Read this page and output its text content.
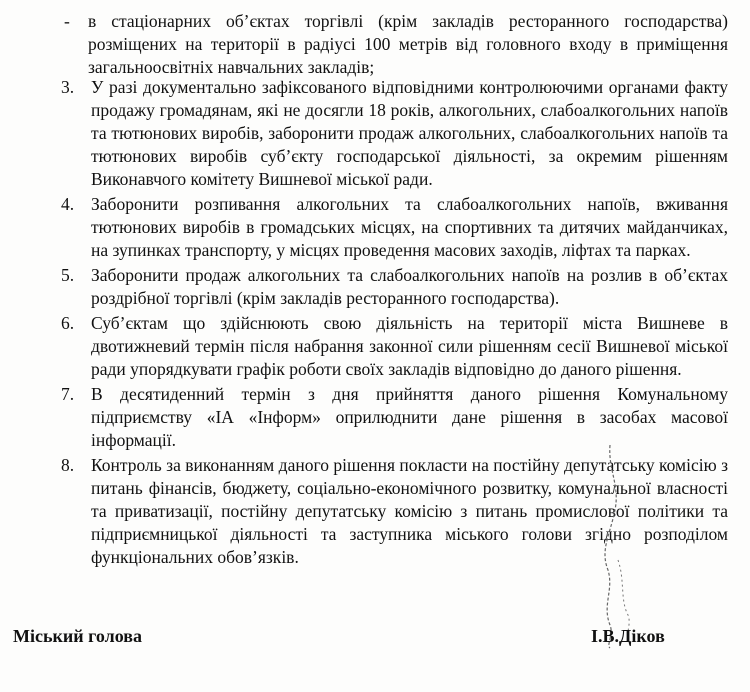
- в стаціонарних об’єктах торгівлі (крім закладів ресторанного господарства) розміщених на території в радіусі 100 метрів від головного входу в приміщення загальноосвітніх навчальних закладів;
3. У разі документально зафіксованого відповідними контролюючими органами факту продажу громадянам, які не досягли 18 років, алкогольних, слабоалкогольних напоїв та тютюнових виробів, заборонити продаж алкогольних, слабоалкогольних напоїв та тютюнових виробів суб’єкту господарської діяльності, за окремим рішенням Виконавчого комітету Вишневої міської ради.
4. Заборонити розпивання алкогольних та слабоалкогольних напоїв, вживання тютюнових виробів в громадських місцях, на спортивних та дитячих майданчиках, на зупинках транспорту, у місцях проведення масових заходів, ліфтах та парках.
5. Заборонити продаж алкогольних та слабоалкогольних напоїв на розлив в об’єктах роздрібної торгівлі (крім закладів ресторанного господарства).
6. Суб’єктам що здійснюють свою діяльність на території міста Вишневе в двотижневий термін після набрання законної сили рішенням сесії Вишневої міської ради упорядкувати графік роботи своїх закладів відповідно до даного рішення.
7. В десятиденний термін з дня прийняття даного рішення Комунальному підприємству «ІА «Інформ» оприлюднити дане рішення в засобах масової інформації.
8. Контроль за виконанням даного рішення покласти на постійну депутатську комісію з питань фінансів, бюджету, соціально-економічного розвитку, комунальної власності та приватизації, постійну депутатську комісію з питань промислової політики та підприємницької діяльності та заступника міського голови згідно розподілом функціональних обов’язків.
Міський голова	І.В.Діков
